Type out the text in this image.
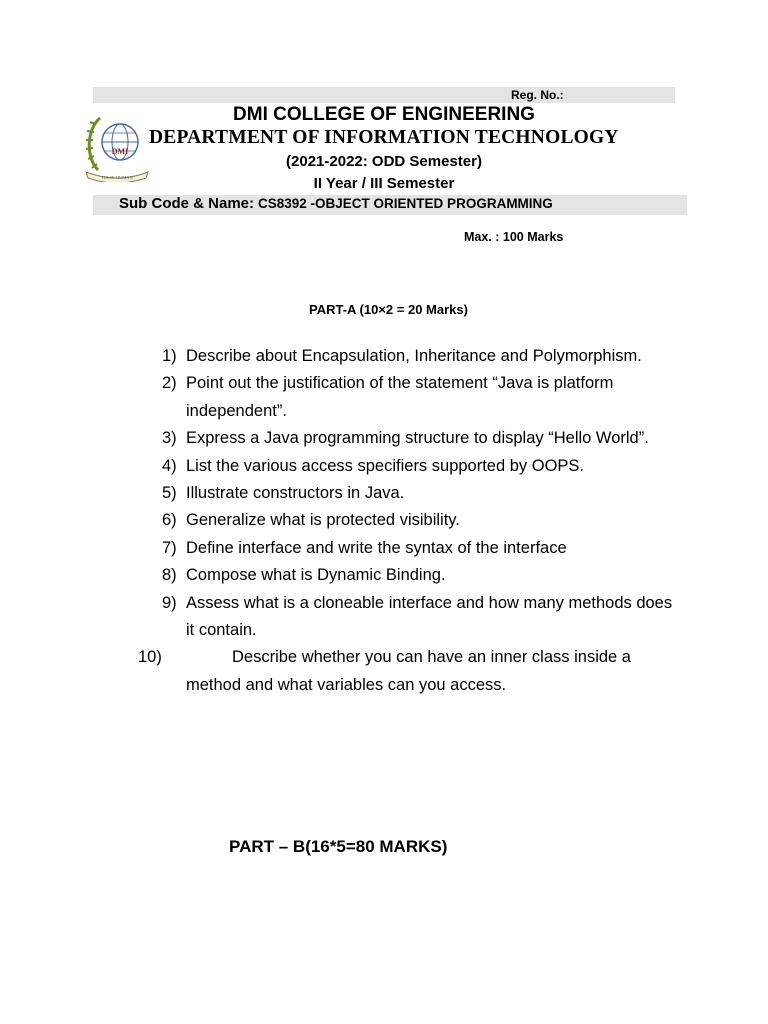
DMI
TULIN HUMAN
Reg. No.:
DMI COLLEGE OF ENGINEERING
DEPARTMENT OF INFORMATION TECHNOLOGY
(2021-2022: ODD Semester)
II Year / III Semester
Sub Code & Name: CS8392 -OBJECT ORIENTED PROGRAMMING
Max. : 100 Marks
PART-A (10×2 = 20 Marks)
1) Describe about Encapsulation, Inheritance and Polymorphism.
2) Point out the justification of the statement “Java is platform independent”.
3) Express a Java programming structure to display “Hello World”.
4) List the various access specifiers supported by OOPS.
5) Illustrate constructors in Java.
6) Generalize what is protected visibility.
7) Define interface and write the syntax of the interface
8) Compose what is Dynamic Binding.
9) Assess what is a cloneable interface and how many methods does it contain.
10)	Describe whether you can have an inner class inside a method and what variables can you access.
PART – B(16*5=80 MARKS)
